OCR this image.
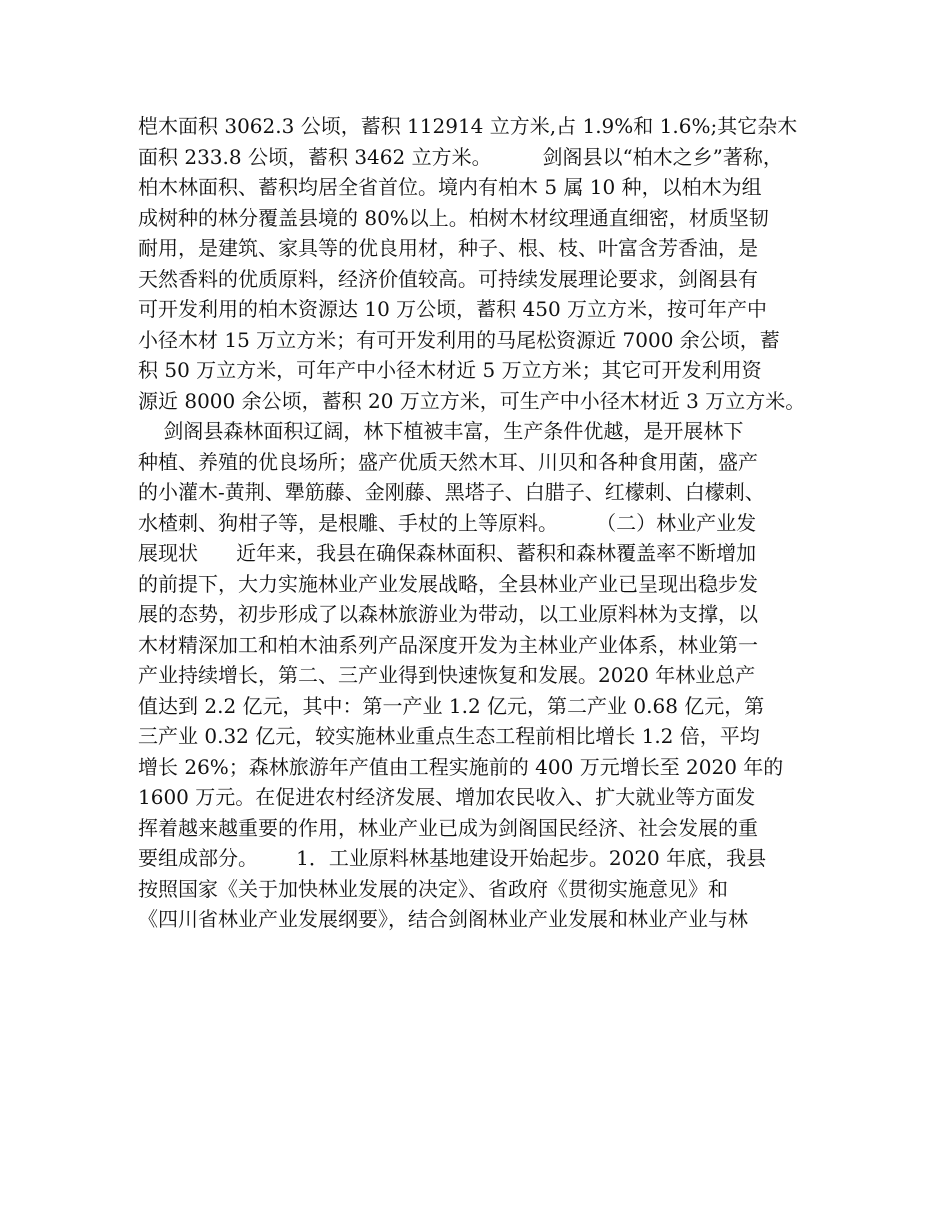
桤木面积 3062.3 公顷，蓄积 112914 立方米,占 1.9%和 1.6%;其它杂木

面积 233.8 公顷，蓄积 3462 立方米。        剑阁县以“柏木之乡”著称，

柏木林面积、蓄积均居全省首位。境内有柏木 5 属 10 种，以柏木为组

成树种的林分覆盖县境的 80%以上。柏树木材纹理通直细密，材质坚韧

耐用，是建筑、家具等的优良用材，种子、根、枝、叶富含芳香油，是

天然香料的优质原料，经济价值较高。可持续发展理论要求，剑阁县有

可开发利用的柏木资源达 10 万公顷，蓄积 450 万立方米，按可年产中

小径木材 15 万立方米；有可开发利用的马尾松资源近 7000 余公顷，蓄

积 50 万立方米，可年产中小径木材近 5 万立方米；其它可开发利用资

源近 8000 余公顷，蓄积 20 万立方米，可生产中小径木材近 3 万立方米。

剑阁县森林面积辽阔，林下植被丰富，生产条件优越，是开展林下

种植、养殖的优良场所；盛产优质天然木耳、川贝和各种食用菌，盛产

的小灌木-黄荆、犟筋藤、金刚藤、黑塔子、白腊子、红檬刺、白檬刺、

水楂刺、狗柑子等，是根雕、手杖的上等原料。      （二）林业产业发

展现状      近年来，我县在确保森林面积、蓄积和森林覆盖率不断增加

的前提下，大力实施林业产业发展战略，全县林业产业已呈现出稳步发

展的态势，初步形成了以森林旅游业为带动，以工业原料林为支撑，以

木材精深加工和柏木油系列产品深度开发为主林业产业体系，林业第一

产业持续增长，第二、三产业得到快速恢复和发展。2020 年林业总产

值达到 2.2 亿元，其中：第一产业 1.2 亿元，第二产业 0.68 亿元，第

三产业 0.32 亿元，较实施林业重点生态工程前相比增长 1.2 倍，平均

增长 26%；森林旅游年产值由工程实施前的 400 万元增长至 2020 年的

1600 万元。在促进农村经济发展、增加农民收入、扩大就业等方面发

挥着越来越重要的作用，林业产业已成为剑阁国民经济、社会发展的重

要组成部分。      1．工业原料林基地建设开始起步。2020 年底，我县

按照国家《关于加快林业发展的决定》、省政府《贯彻实施意见》和

《四川省林业产业发展纲要》，结合剑阁林业产业发展和林业产业与林
